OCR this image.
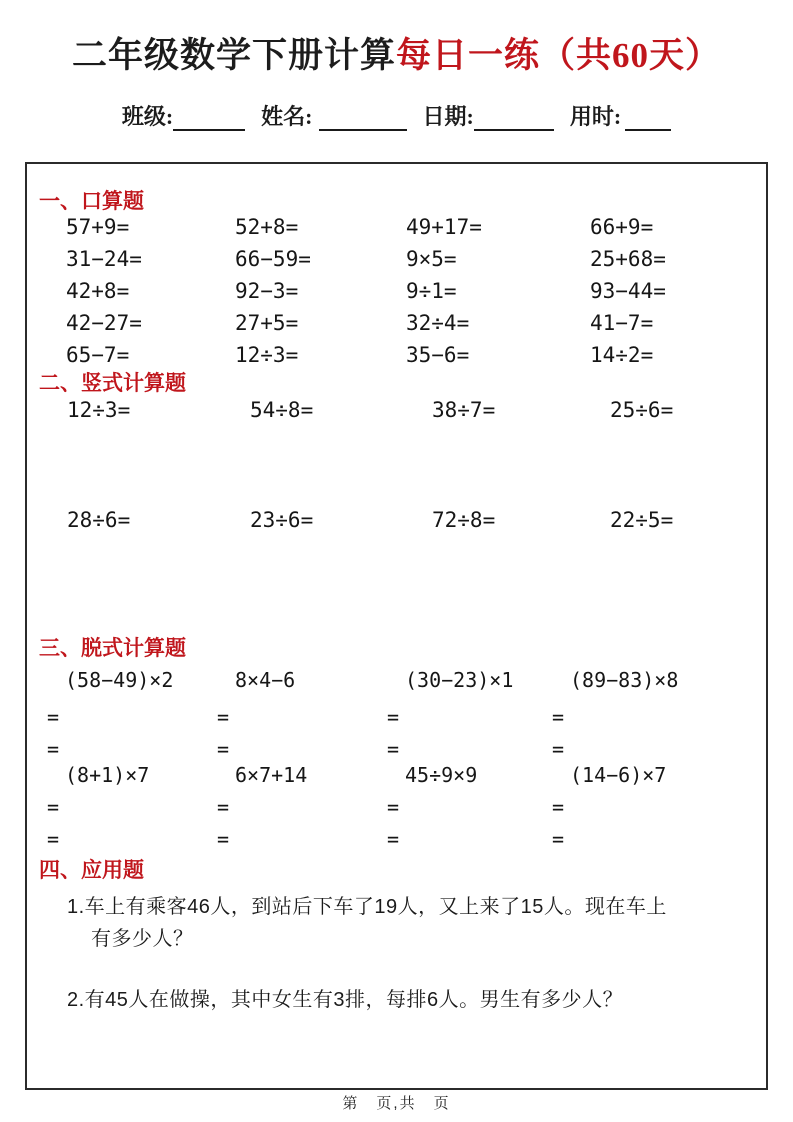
二年级数学下册计算每日一练（共60天）
班级:	姓名:	日期:	用时:
一、口算题
57+9=	52+8=	49+17=	66+9=
31−24=	66−59=	9×5=	25+68=
42+8=	92−3=	9÷1=	93−44=
42−27=	27+5=	32÷4=	41−7=
65−7=	12÷3=	35−6=	14÷2=
二、竖式计算题
12÷3=	54÷8=	38÷7=	25÷6=
28÷6=	23÷6=	72÷8=	22÷5=
三、脱式计算题
(58−49)×2	8×4−6	(30−23)×1	(89−83)×8
=	=	=	=
=	=	=	=
(8+1)×7	6×7+14	45÷9×9	(14−6)×7
=	=	=	=
=	=	=	=
四、应用题
1.车上有乘客46人，到站后下车了19人，又上来了15人。现在车上
有多少人？
2.有45人在做操，其中女生有3排，每排6人。男生有多少人？
第　页,共　页
